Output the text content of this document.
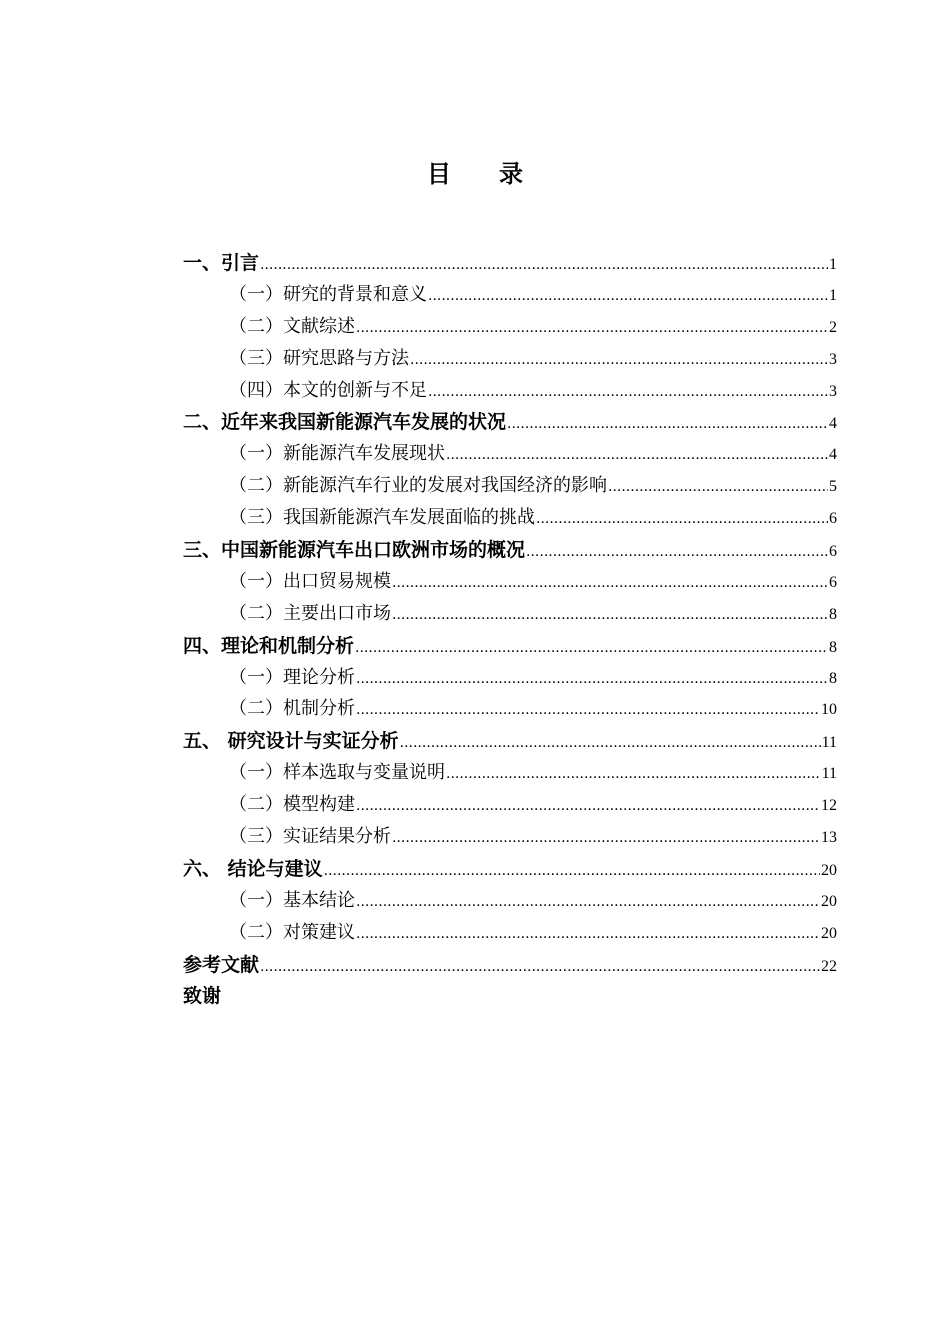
目 录
一、引言 .....	1
（一）研究的背景和意义 .....	1
（二）文献综述 .....	2
（三）研究思路与方法 .....	3
（四）本文的创新与不足 .....	3
二、近年来我国新能源汽车发展的状况 .....	4
（一）新能源汽车发展现状 .....	4
（二）新能源汽车行业的发展对我国经济的影响 .....	5
（三）我国新能源汽车发展面临的挑战 .....	6
三、中国新能源汽车出口欧洲市场的概况 .....	6
（一）出口贸易规模 .....	6
（二）主要出口市场 .....	8
四、理论和机制分析 .....	8
（一）理论分析 .....	8
（二）机制分析 .....	10
五、 研究设计与实证分析 .....	11
（一）样本选取与变量说明 .....	11
（二）模型构建 .....	12
（三）实证结果分析 .....	13
六、 结论与建议 .....	20
（一）基本结论 .....	20
（二）对策建议 .....	20
参考文献 .....	22
致谢
